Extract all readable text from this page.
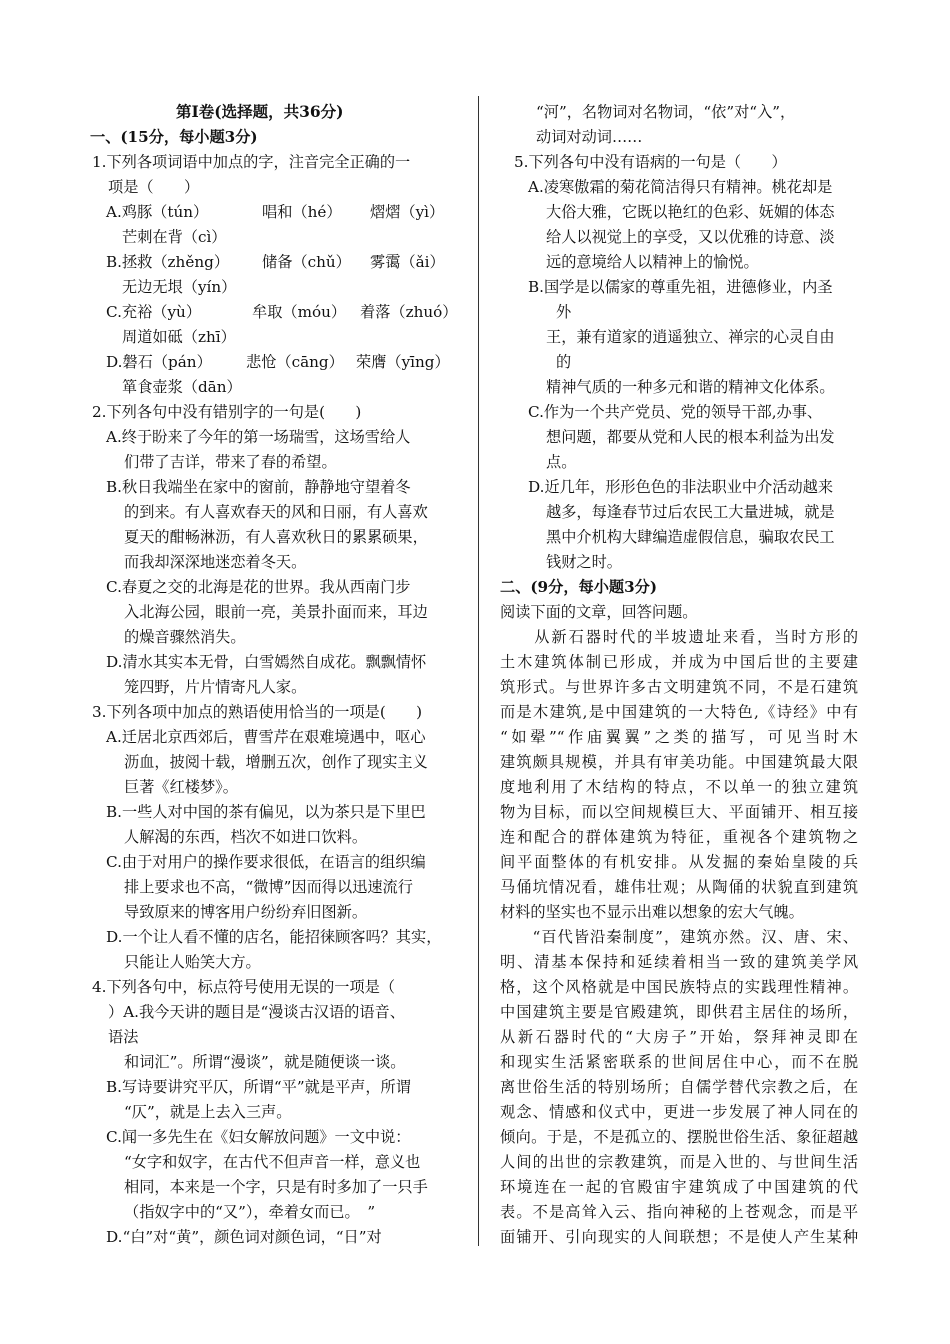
第Ⅰ卷(选择题，共36分)
一、(15分，每小题3分)
1.下列各项词语中加点的字，注音完全正确的一
项是（　　）
A.鸡豚（tún）	唱和（hé） 熠熠（yì）
芒刺在背（cì）
B.拯救（zhěng） 储备（chǔ） 雾霭（ǎi）
无边无垠（yín）
C.充裕（yù）	牟取（móu） 着落（zhuó）
周道如砥（zhī）
D.磐石（pán） 悲怆（cāng） 荣膺（yīng）
箪食壶浆（dān）
2.下列各句中没有错别字的一句是(　　)
A.终于盼来了今年的第一场瑞雪，这场雪给人
们带了吉详，带来了春的希望。
B.秋日我端坐在家中的窗前，静静地守望着冬
的到来。有人喜欢春天的风和日丽，有人喜欢
夏天的酣畅淋沥，有人喜欢秋日的累累硕果，
而我却深深地迷恋着冬天。
C.春夏之交的北海是花的世界。我从西南门步
入北海公园，眼前一亮，美景扑面而来，耳边
的燥音骤然消失。
D.清水其实本无骨，白雪嫣然自成花。飘飘情怀
笼四野，片片情寄凡人家。
3.下列各项中加点的熟语使用恰当的一项是(　　)
A.迁居北京西郊后，曹雪芹在艰难境遇中，呕心
沥血，披阅十载，增删五次，创作了现实主义
巨著《红楼梦》。
B.一些人对中国的茶有偏见，以为茶只是下里巴
人解渴的东西，档次不如进口饮料。
C.由于对用户的操作要求很低，在语言的组织编
排上要求也不高，“微博”因而得以迅速流行
导致原来的博客用户纷纷弃旧图新。
D.一个让人看不懂的店名，能招徕顾客吗？其实，
只能让人贻笑大方。
4.下列各句中，标点符号使用无误的一项是（
）A.我今天讲的题目是“漫谈古汉语的语音、
语法
和词汇”。所谓“漫谈”，就是随便谈一谈。
B.写诗要讲究平仄，所谓“平”就是平声，所谓
“仄”，就是上去入三声。
C.闻一多先生在《妇女解放问题》一文中说：
“女字和奴字，在古代不但声音一样，意义也
相同，本来是一个字，只是有时多加了一只手
（指奴字中的“又”），牵着女而已。　”
D.“白”对“黄”，颜色词对颜色词，“日”对
“河”，名物词对名物词，“依”对“入”，
动词对动词……
5.下列各句中没有语病的一句是（　　）
A.凌寒傲霜的菊花简洁得只有精神。桃花却是
大俗大雅，它既以艳红的色彩、妩媚的体态
给人以视觉上的享受，又以优雅的诗意、淡
远的意境给人以精神上的愉悦。
B.国学是以儒家的尊重先祖，进德修业，内圣
外
王，兼有道家的逍遥独立、禅宗的心灵自由
的
精神气质的一种多元和谐的精神文化体系。
C.作为一个共产党员、党的领导干部,办事、
想问题，都要从党和人民的根本利益为出发
点。
D.近几年，形形色色的非法职业中介活动越来
越多，每逢春节过后农民工大量进城，就是
黑中介机构大肆编造虚假信息，骗取农民工
钱财之时。
二、(9分，每小题3分)
阅读下面的文章，回答问题。
　　从新石器时代的半坡遗址来看，当时方形的
土木建筑体制已形成，并成为中国后世的主要建
筑形式。与世界许多古文明建筑不同，不是石建筑
而是木建筑,是中国建筑的一大特色,《诗经》中有
“如翚”“作庙翼翼”之类的描写，可见当时木
建筑颇具规模，并具有审美功能。中国建筑最大限
度地利用了木结构的特点，不以单一的独立建筑
物为目标，而以空间规模巨大、平面铺开、相互接
连和配合的群体建筑为特征，重视各个建筑物之
间平面整体的有机安排。从发掘的秦始皇陵的兵
马俑坑情况看，雄伟壮观；从陶俑的状貌直到建筑
材料的坚实也不显示出难以想象的宏大气魄。
　　“百代皆沿秦制度”，建筑亦然。汉、唐、宋、
明、清基本保持和延续着相当一致的建筑美学风
格，这个风格就是中国民族特点的实践理性精神。
中国建筑主要是官殿建筑，即供君主居住的场所，
从新石器时代的“大房子”开始，祭拜神灵即在
和现实生活紧密联系的世间居住中心，而不在脱
离世俗生活的特别场所；自儒学替代宗教之后，在
观念、情感和仪式中，更进一步发展了神人同在的
倾向。于是，不是孤立的、摆脱世俗生活、象征超越
人间的出世的宗教建筑，而是入世的、与世间生活
环境连在一起的官殿宙宇建筑成了中国建筑的代
表。不是高耸入云、指向神秘的上苍观念，而是平
面铺开、引向现实的人间联想；不是使人产生某种
